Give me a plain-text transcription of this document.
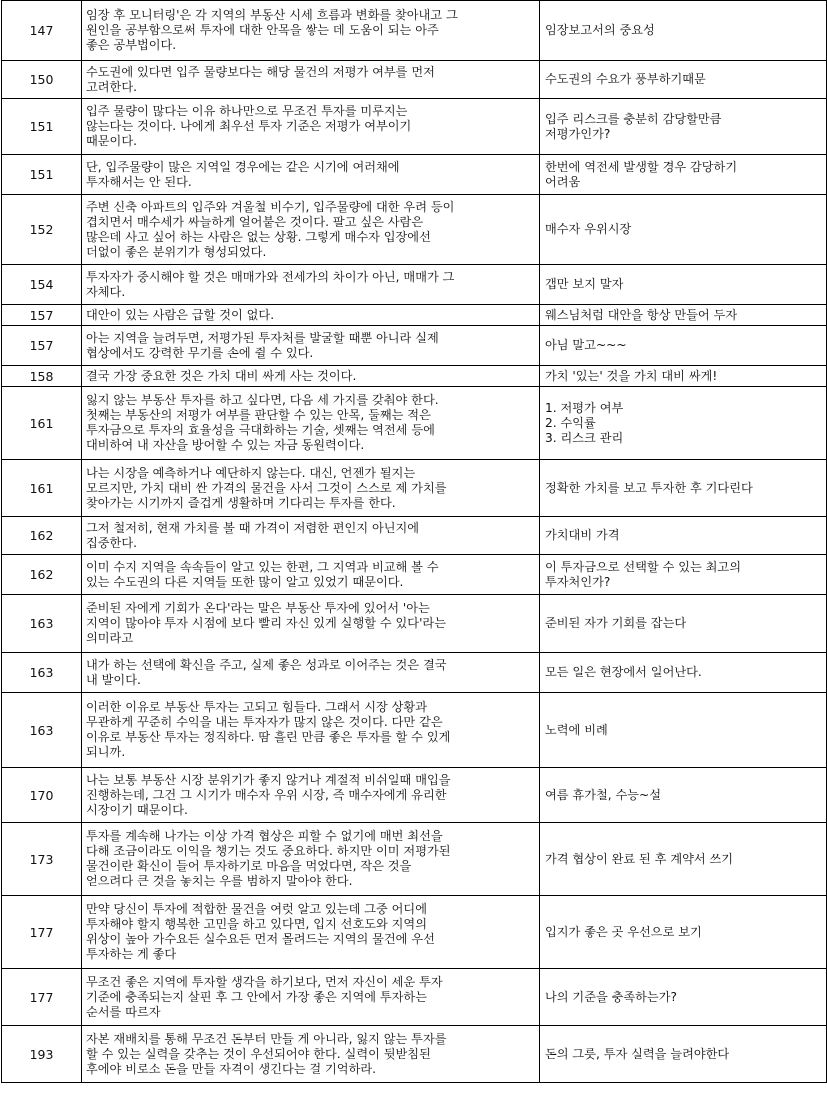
147	임장 후 모니터링'은 각 지역의 부동산 시세 흐름과 변화를 찾아내고 그
원인을 공부함으로써 투자에 대한 안목을 쌓는 데 도움이 되는 아주
좋은 공부법이다.	임장보고서의 중요성
150	수도권에 있다면 입주 물량보다는 해당 물건의 저평가 여부를 먼저
고려한다.	수도권의 수요가 풍부하기때문
151	입주 물량이 많다는 이유 하나만으로 무조건 투자를 미루지는
않는다는 것이다. 나에게 최우선 투자 기준은 저평가 여부이기
때문이다.	입주 리스크를 충분히 감당할만큼
저평가인가?
151	단, 입주물량이 많은 지역일 경우에는 같은 시기에 여러채에
투자해서는 안 된다.	한번에 역전세 발생할 경우 감당하기
어려움
152	주변 신축 아파트의 입주와 겨울철 비수기, 입주물량에 대한 우려 등이
겹치면서 매수세가 싸늘하게 얼어붙은 것이다. 팔고 싶은 사람은
많은데 사고 싶어 하는 사람은 없는 상황. 그렇게 매수자 입장에선
더없이 좋은 분위기가 형성되었다.	매수자 우위시장
154	투자자가 중시해야 할 것은 매매가와 전세가의 차이가 아닌, 매매가 그
자체다.	갭만 보지 말자
157	대안이 있는 사람은 급할 것이 없다.	웨스님처럼 대안을 항상 만들어 두자
157	아는 지역을 늘려두면, 저평가된 투자처를 발굴할 때뿐 아니라 실제
협상에서도 강력한 무기를 손에 쥘 수 있다.	아님 말고~~~
158	결국 가장 중요한 것은 가치 대비 싸게 사는 것이다.	가치 '있는' 것을 가치 대비 싸게!
161	잃지 않는 부동산 투자를 하고 싶다면, 다음 세 가지를 갖춰야 한다.
첫째는 부동산의 저평가 여부를 판단할 수 있는 안목, 둘째는 적은
투자금으로 투자의 효율성을 극대화하는 기술, 셋째는 역전세 등에
대비하여 내 자산을 방어할 수 있는 자금 동원력이다.	1. 저평가 여부
2. 수익률
3. 리스크 관리
161	나는 시장을 예측하거나 예단하지 않는다. 대신, 언젠가 될지는
모르지만, 가치 대비 싼 가격의 물건을 사서 그것이 스스로 제 가치를
찾아가는 시기까지 즐겁게 생활하며 기다리는 투자를 한다.	정확한 가치를 보고 투자한 후 기다린다
162	그저 철저히, 현재 가치를 볼 때 가격이 저렴한 편인지 아닌지에
집중한다.	가치대비 가격
162	이미 수지 지역을 속속들이 알고 있는 한편, 그 지역과 비교해 볼 수
있는 수도권의 다른 지역들 또한 많이 알고 있었기 때문이다.	이 투자금으로 선택할 수 있는 최고의
투자처인가?
163	준비된 자에게 기회가 온다'라는 말은 부동산 투자에 있어서 '아는
지역이 많아야 투자 시점에 보다 빨리 자신 있게 실행할 수 있다'라는
의미라고	준비된 자가 기회를 잡는다
163	내가 하는 선택에 확신을 주고, 실제 좋은 성과로 이어주는 것은 결국
내 발이다.	모든 일은 현장에서 일어난다.
163	이러한 이유로 부동산 투자는 고되고 힘들다. 그래서 시장 상황과
무관하게 꾸준히 수익을 내는 투자자가 많지 않은 것이다. 다만 같은
이유로 부동산 투자는 정직하다. 땀 흘린 만큼 좋은 투자를 할 수 있게
되니까.	노력에 비례
170	나는 보통 부동산 시장 분위기가 좋지 않거나 계절적 비쉬일때 매입을
진행하는데, 그건 그 시기가 매수자 우위 시장, 즉 매수자에게 유리한
시장이기 때문이다.	여름 휴가철, 수능~설
173	투자를 계속해 나가는 이상 가격 협상은 피할 수 없기에 매번 최선을
다해 조금이라도 이익을 챙기는 것도 중요하다. 하지만 이미 저평가된
물건이란 확신이 들어 투자하기로 마음을 먹었다면, 작은 것을
얻으려다 큰 것을 놓치는 우를 범하지 말아야 한다.	가격 협상이 완료 된 후 계약서 쓰기
177	만약 당신이 투자에 적합한 물건을 여럿 알고 있는데 그중 어디에
투자해야 할지 행복한 고민을 하고 있다면, 입지 선호도와 지역의
위상이 높아 가수요든 실수요든 먼저 몰려드는 지역의 물건에 우선
투자하는 게 좋다	입지가 좋은 곳 우선으로 보기
177	무조건 좋은 지역에 투자할 생각을 하기보다, 먼저 자신이 세운 투자
기준에 충족되는지 살핀 후 그 안에서 가장 좋은 지역에 투자하는
순서를 따르자	나의 기준을 충족하는가?
193	자본 재배치를 통해 무조건 돈부터 만들 게 아니라, 잃지 않는 투자를
할 수 있는 실력을 갖추는 것이 우선되어야 한다. 실력이 뒷받침된
후에야 비로소 돈을 만들 자격이 생긴다는 걸 기억하라.	돈의 그릇, 투자 실력을 늘려야한다
